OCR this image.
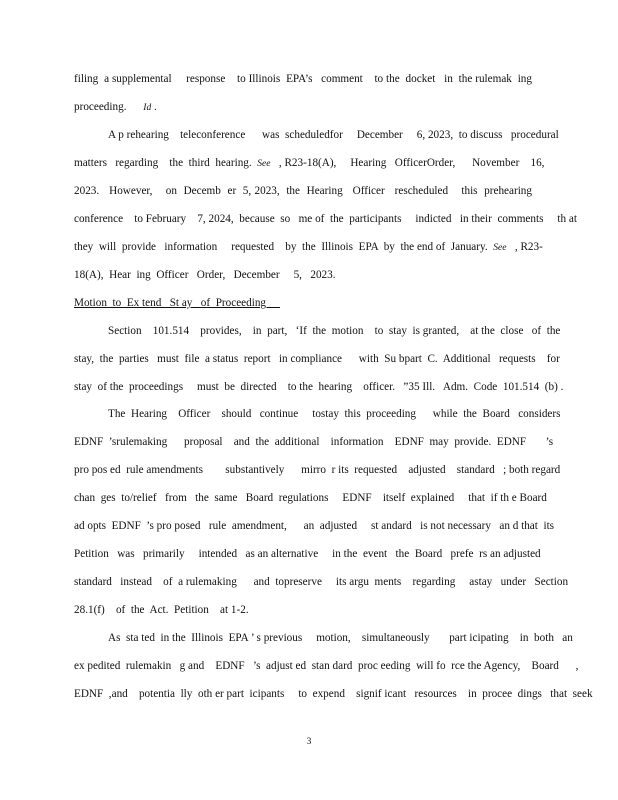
filing  a supplemental     response    to Illinois  EPA’s   comment    to the  docket   in  the rulemak  ing
proceeding.      Id .
A p rehearing    teleconference      was  scheduledfor     December     6, 2023,  to discuss   procedural
matters   regarding    the  third  hearing.  See   , R23-18(A),     Hearing   OfficerOrder,      November    16,
2023.   However,    on  Decemb  er  5, 2023,  the  Hearing   Officer   rescheduled    this  prehearing
conference    to February    7, 2024,  because  so   me of  the  participants     indicted   in their  comments     th at
they  will  provide   information     requested    by  the  Illinois  EPA  by  the end of  January.  See   , R23-
18(A),  Hear  ing  Officer   Order,   December     5,   2023.
Motion  to  Ex tend   St ay   of  Proceeding
Section    101.514    provides,    in  part,   ‘If  the  motion    to  stay  is granted,    at the  close   of  the
stay,  the  parties   must  file  a status  report   in compliance      with  Su bpart  C.  Additional   requests    for
stay  of the  proceedings     must  be  directed    to the  hearing    officer.   ”35 Ill.   Adm.  Code  101.514  (b) .
The  Hearing    Officer    should   continue     tostay  this  proceeding      while  the  Board   considers
EDNF  ’srulemaking      proposal    and  the  additional    information    EDNF  may  provide.  EDNF       ’s
pro pos ed  rule amendments        substantively      mirro  r its  requested    adjusted    standard   ; both regard
chan  ges  to/relief   from   the  same   Board  regulations     EDNF    itself  explained     that  if th e Board
ad opts  EDNF  ’s pro posed   rule  amendment,      an  adjusted     st andard   is not necessary   an d that  its
Petition   was   primarily     intended   as an alternative     in the  event   the  Board   prefe  rs an adjusted
standard   instead    of  a rulemaking      and  topreserve     its argu  ments    regarding     astay   under   Section
28.1(f)    of  the  Act.  Petition    at 1-2.
As  sta ted  in the  Illinois  EPA ’ s previous     motion,    simultaneously       part icipating    in  both   an
ex pedited  rulemakin   g and    EDNF   ’s  adjust ed  stan dard  proc eeding  will fo  rce the Agency,    Board      ,
EDNF  ,and    potentia  lly  oth er part  icipants     to  expend    signif icant   resources    in  procee  dings   that  seek
3
